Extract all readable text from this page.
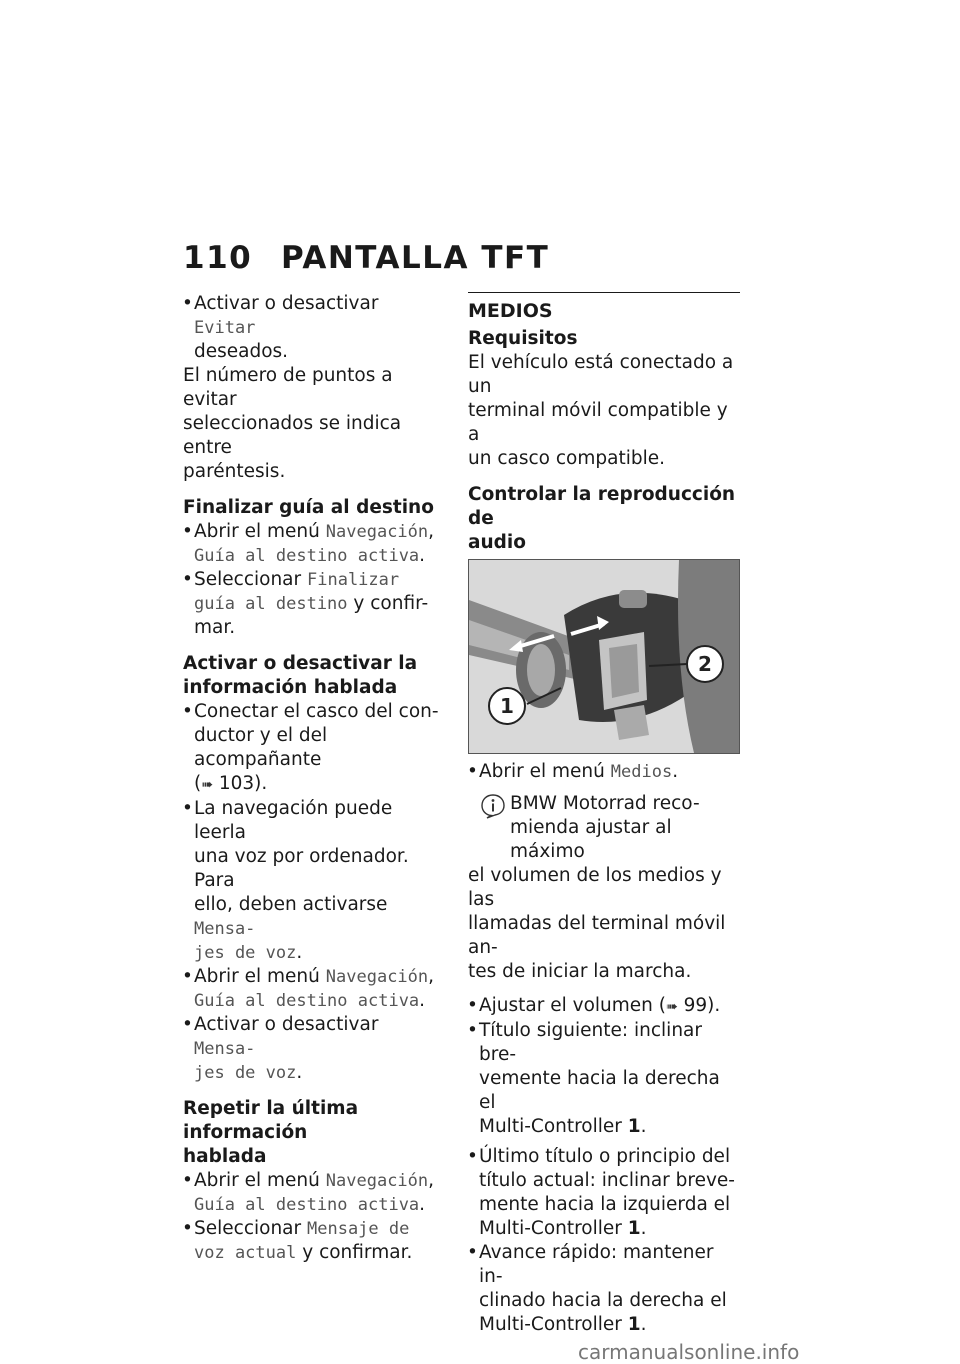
110 PANTALLA TFT
• Activar o desactivar Evitar
deseados.
El número de puntos a evitar
seleccionados se indica entre
paréntesis.
Finalizar guía al destino
• Abrir el menú Navegación,
Guía al destino activa.
• Seleccionar Finalizar
guía al destino y confir-
mar.
Activar o desactivar la
información hablada
• Conectar el casco del con-
ductor y el del acompañante
(➠ 103).
• La navegación puede leerla
una voz por ordenador. Para
ello, deben activarse Mensa-
jes de voz.
• Abrir el menú Navegación,
Guía al destino activa.
• Activar o desactivar Mensa-
jes de voz.
Repetir la última información
hablada
• Abrir el menú Navegación,
Guía al destino activa.
• Seleccionar Mensaje de
voz actual y confirmar.
MEDIOS
Requisitos
El vehículo está conectado a un
terminal móvil compatible y a
un casco compatible.
Controlar la reproducción de
audio
1
2
• Abrir el menú Medios.
BMW Motorrad reco-
mienda ajustar al máximo
el volumen de los medios y las
llamadas del terminal móvil an-
tes de iniciar la marcha.
• Ajustar el volumen (➠ 99).
• Título siguiente: inclinar bre-
vemente hacia la derecha el
Multi-Controller 1.
• Último título o principio del
título actual: inclinar breve-
mente hacia la izquierda el
Multi-Controller 1.
• Avance rápido: mantener in-
clinado hacia la derecha el
Multi-Controller 1.
carmanualsonline.info
